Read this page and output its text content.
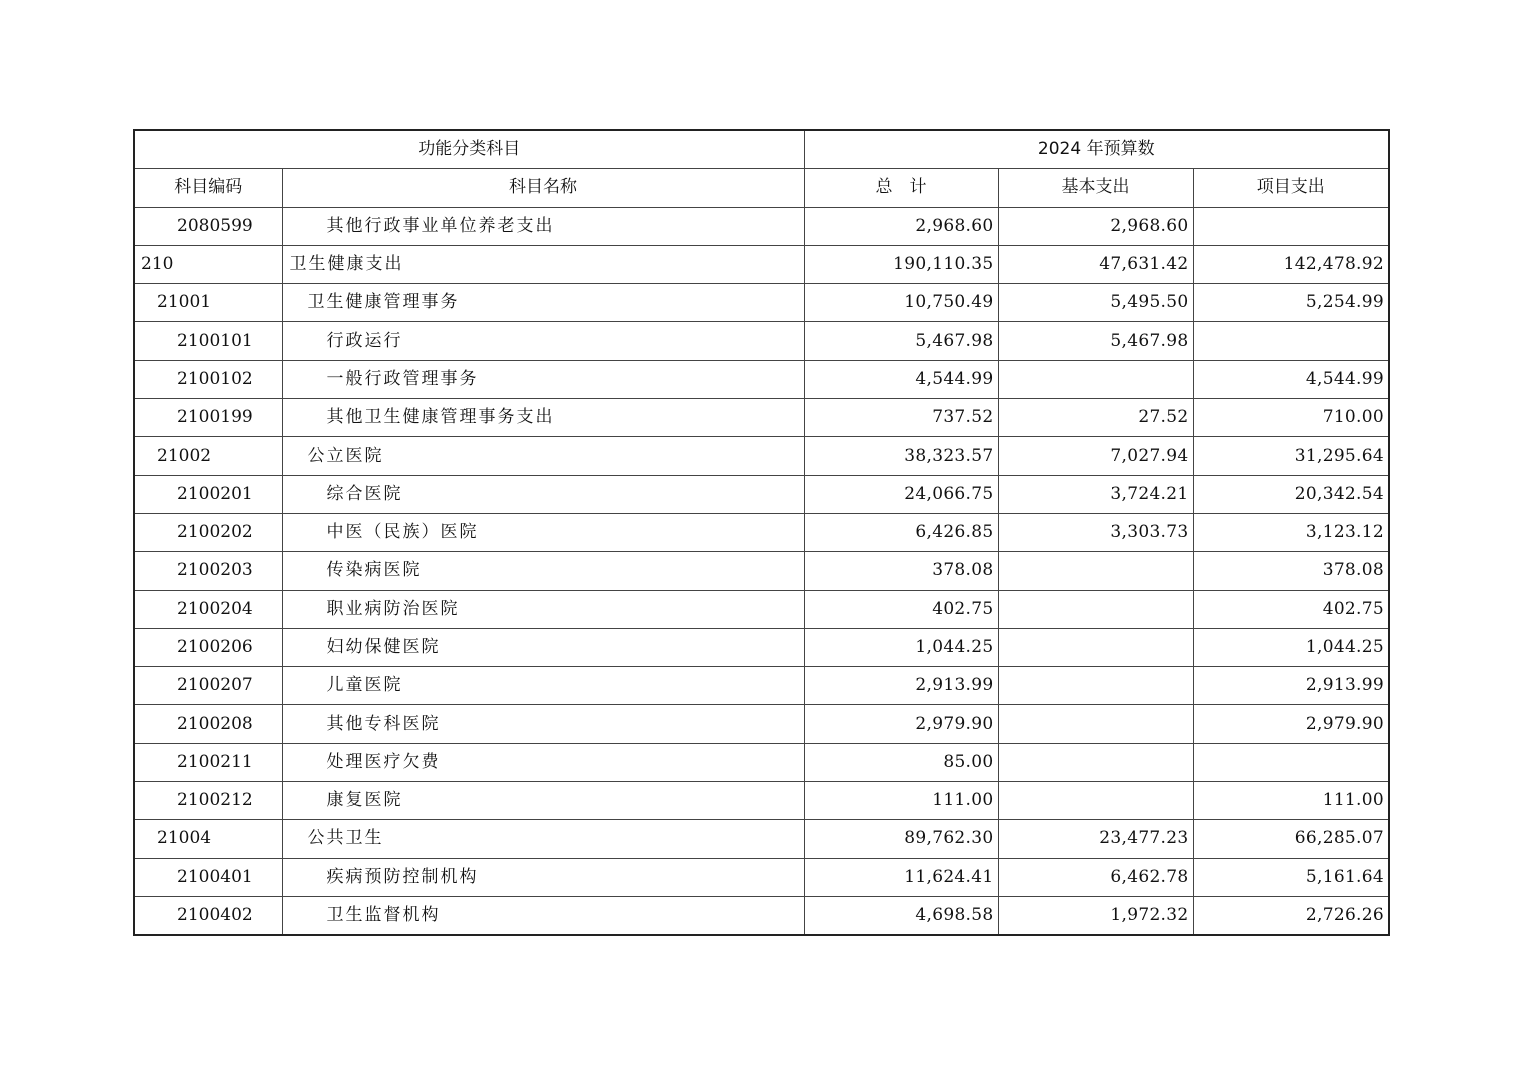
功能分类科目		2024 年预算数		
科目编码	科目名称	总　计	基本支出	项目支出
2080599	其他行政事业单位养老支出	2,968.60	2,968.60	
210	卫生健康支出	190,110.35	47,631.42	142,478.92
21001	卫生健康管理事务	10,750.49	5,495.50	5,254.99
2100101	行政运行	5,467.98	5,467.98	
2100102	一般行政管理事务	4,544.99		4,544.99
2100199	其他卫生健康管理事务支出	737.52	27.52	710.00
21002	公立医院	38,323.57	7,027.94	31,295.64
2100201	综合医院	24,066.75	3,724.21	20,342.54
2100202	中医（民族）医院	6,426.85	3,303.73	3,123.12
2100203	传染病医院	378.08		378.08
2100204	职业病防治医院	402.75		402.75
2100206	妇幼保健医院	1,044.25		1,044.25
2100207	儿童医院	2,913.99		2,913.99
2100208	其他专科医院	2,979.90		2,979.90
2100211	处理医疗欠费	85.00		
2100212	康复医院	111.00		111.00
21004	公共卫生	89,762.30	23,477.23	66,285.07
2100401	疾病预防控制机构	11,624.41	6,462.78	5,161.64
2100402	卫生监督机构	4,698.58	1,972.32	2,726.26
